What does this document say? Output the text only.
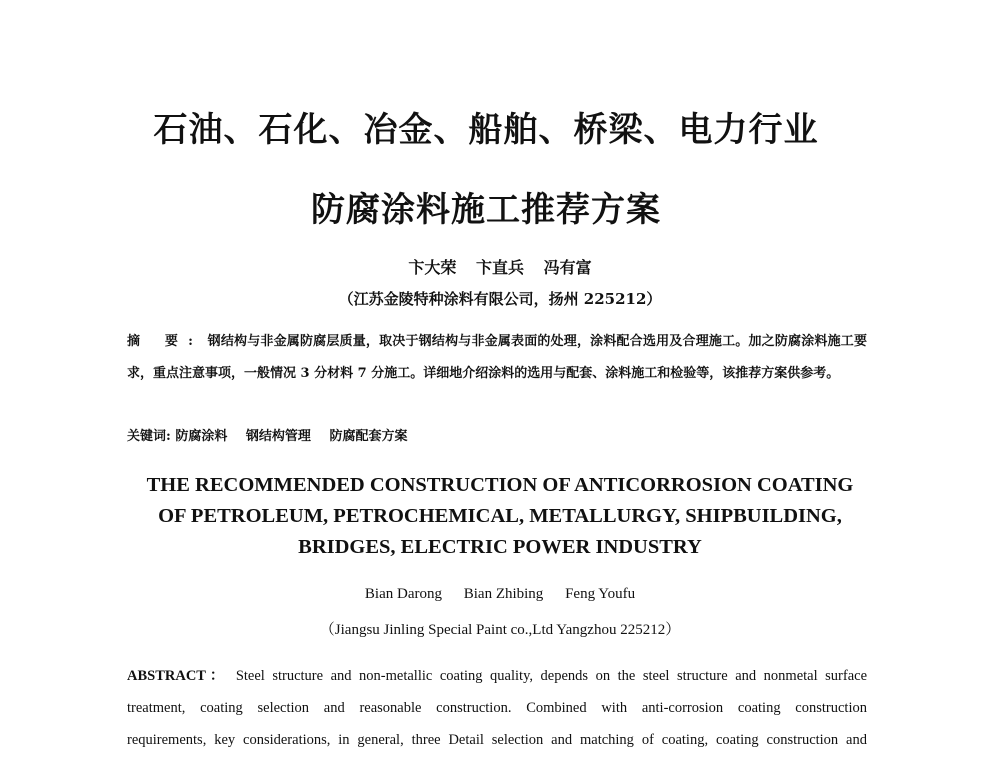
石油、石化、冶金、船舶、桥梁、电力行业
防腐涂料施工推荐方案

卞大荣 卞直兵 冯有富

（江苏金陵特种涂料有限公司，扬州 225212）

摘 要: 钢结构与非金属防腐层质量，取决于钢结构与非金属表面的处理，涂料配合选用及合理施工。加之防腐涂料施工要求，重点注意事项，一般情况 3 分材料 7 分施工。详细地介绍涂料的选用与配套、涂料施工和检验等，该推荐方案供参考。

关键词: 防腐涂料 钢结构管理 防腐配套方案

THE RECOMMENDED CONSTRUCTION OF ANTICORROSION COATING
OF PETROLEUM, PETROCHEMICAL, METALLURGY, SHIPBUILDING,
BRIDGES, ELECTRIC POWER INDUSTRY

Bian Darong Bian Zhibing Feng Youfu

（Jiangsu Jinling Special Paint co.,Ltd Yangzhou 225212）

ABSTRACT： Steel structure and non-metallic coating quality, depends on the steel structure and nonmetal surface
treatment, coating selection and reasonable construction. Combined with anti-corrosion coating construction
requirements, key considerations, in general, three Detail selection and matching of coating, coating construction and
